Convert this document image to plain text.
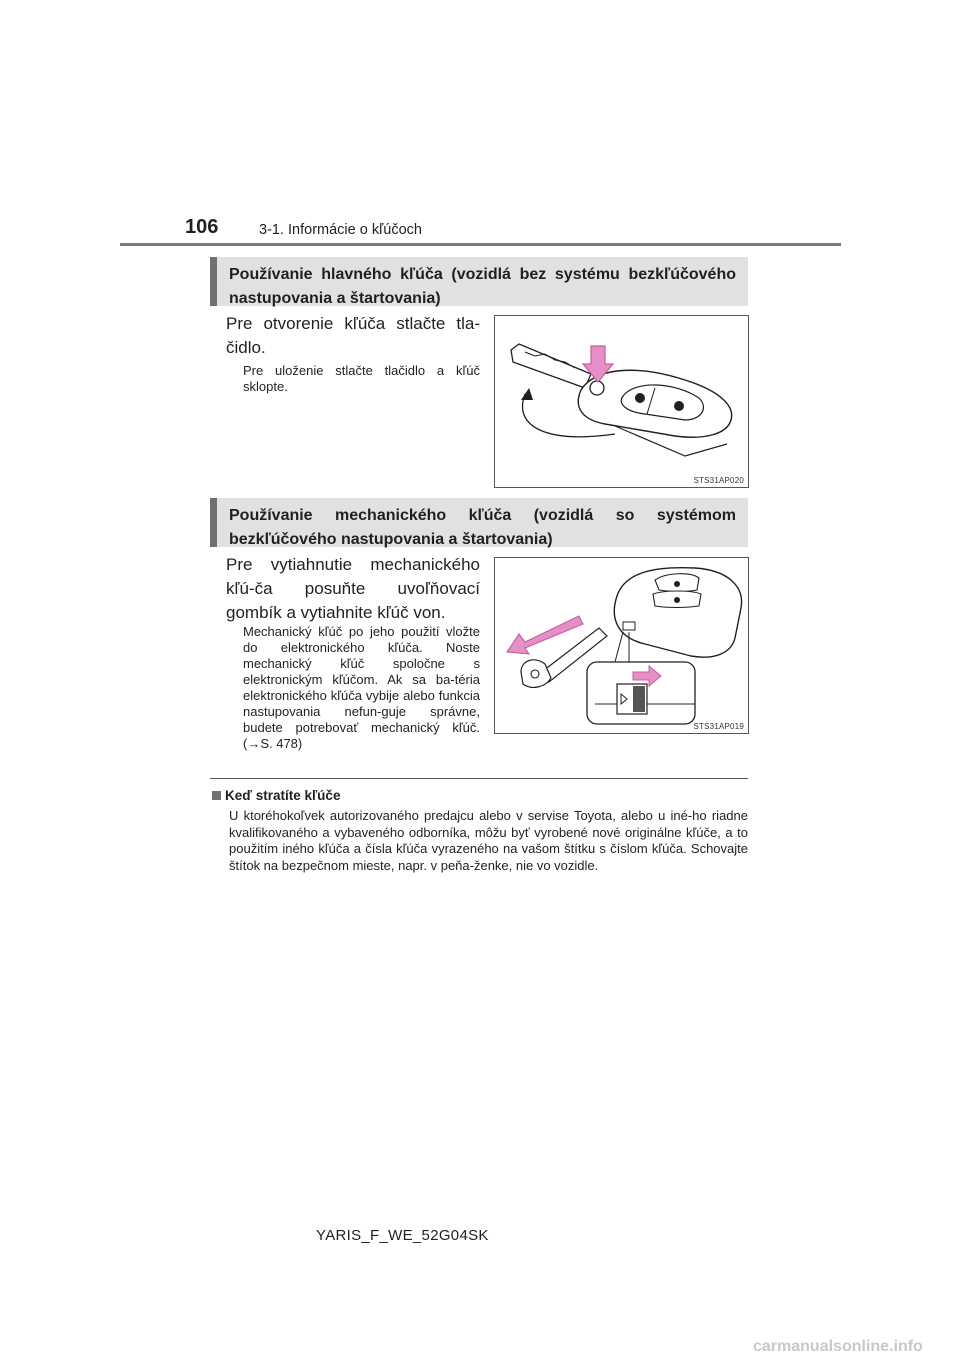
106	3-1. Informácie o kľúčoch
Používanie hlavného kľúča (vozidlá bez systému bezkľúčového nastupovania a štartovania)
Pre otvorenie kľúča stlačte tla-čidlo.
Pre uloženie stlačte tlačidlo a kľúč sklopte.
STS31AP020
Používanie mechanického kľúča (vozidlá so systémom bezkľúčového nastupovania a štartovania)
Pre vytiahnutie mechanického kľú-ča posuňte uvoľňovací gombík a vytiahnite kľúč von.
Mechanický kľúč po jeho použití vložte do elektronického kľúča. Noste mechanický kľúč spoločne s elektronickým kľúčom. Ak sa ba-téria elektronického kľúča vybije alebo funkcia nastupovania nefun-guje správne, budete potrebovať mechanický kľúč. (→S. 478)
STS31AP019
Keď stratíte kľúče
U ktoréhokoľvek autorizovaného predajcu alebo v servise Toyota, alebo u iné-ho riadne kvalifikovaného a vybaveného odborníka, môžu byť vyrobené nové originálne kľúče, a to použitím iného kľúča a čísla kľúča vyrazeného na vašom štítku s číslom kľúča. Schovajte štítok na bezpečnom mieste, napr. v peňa-ženke, nie vo vozidle.
YARIS_F_WE_52G04SK
carmanualsonline.info
